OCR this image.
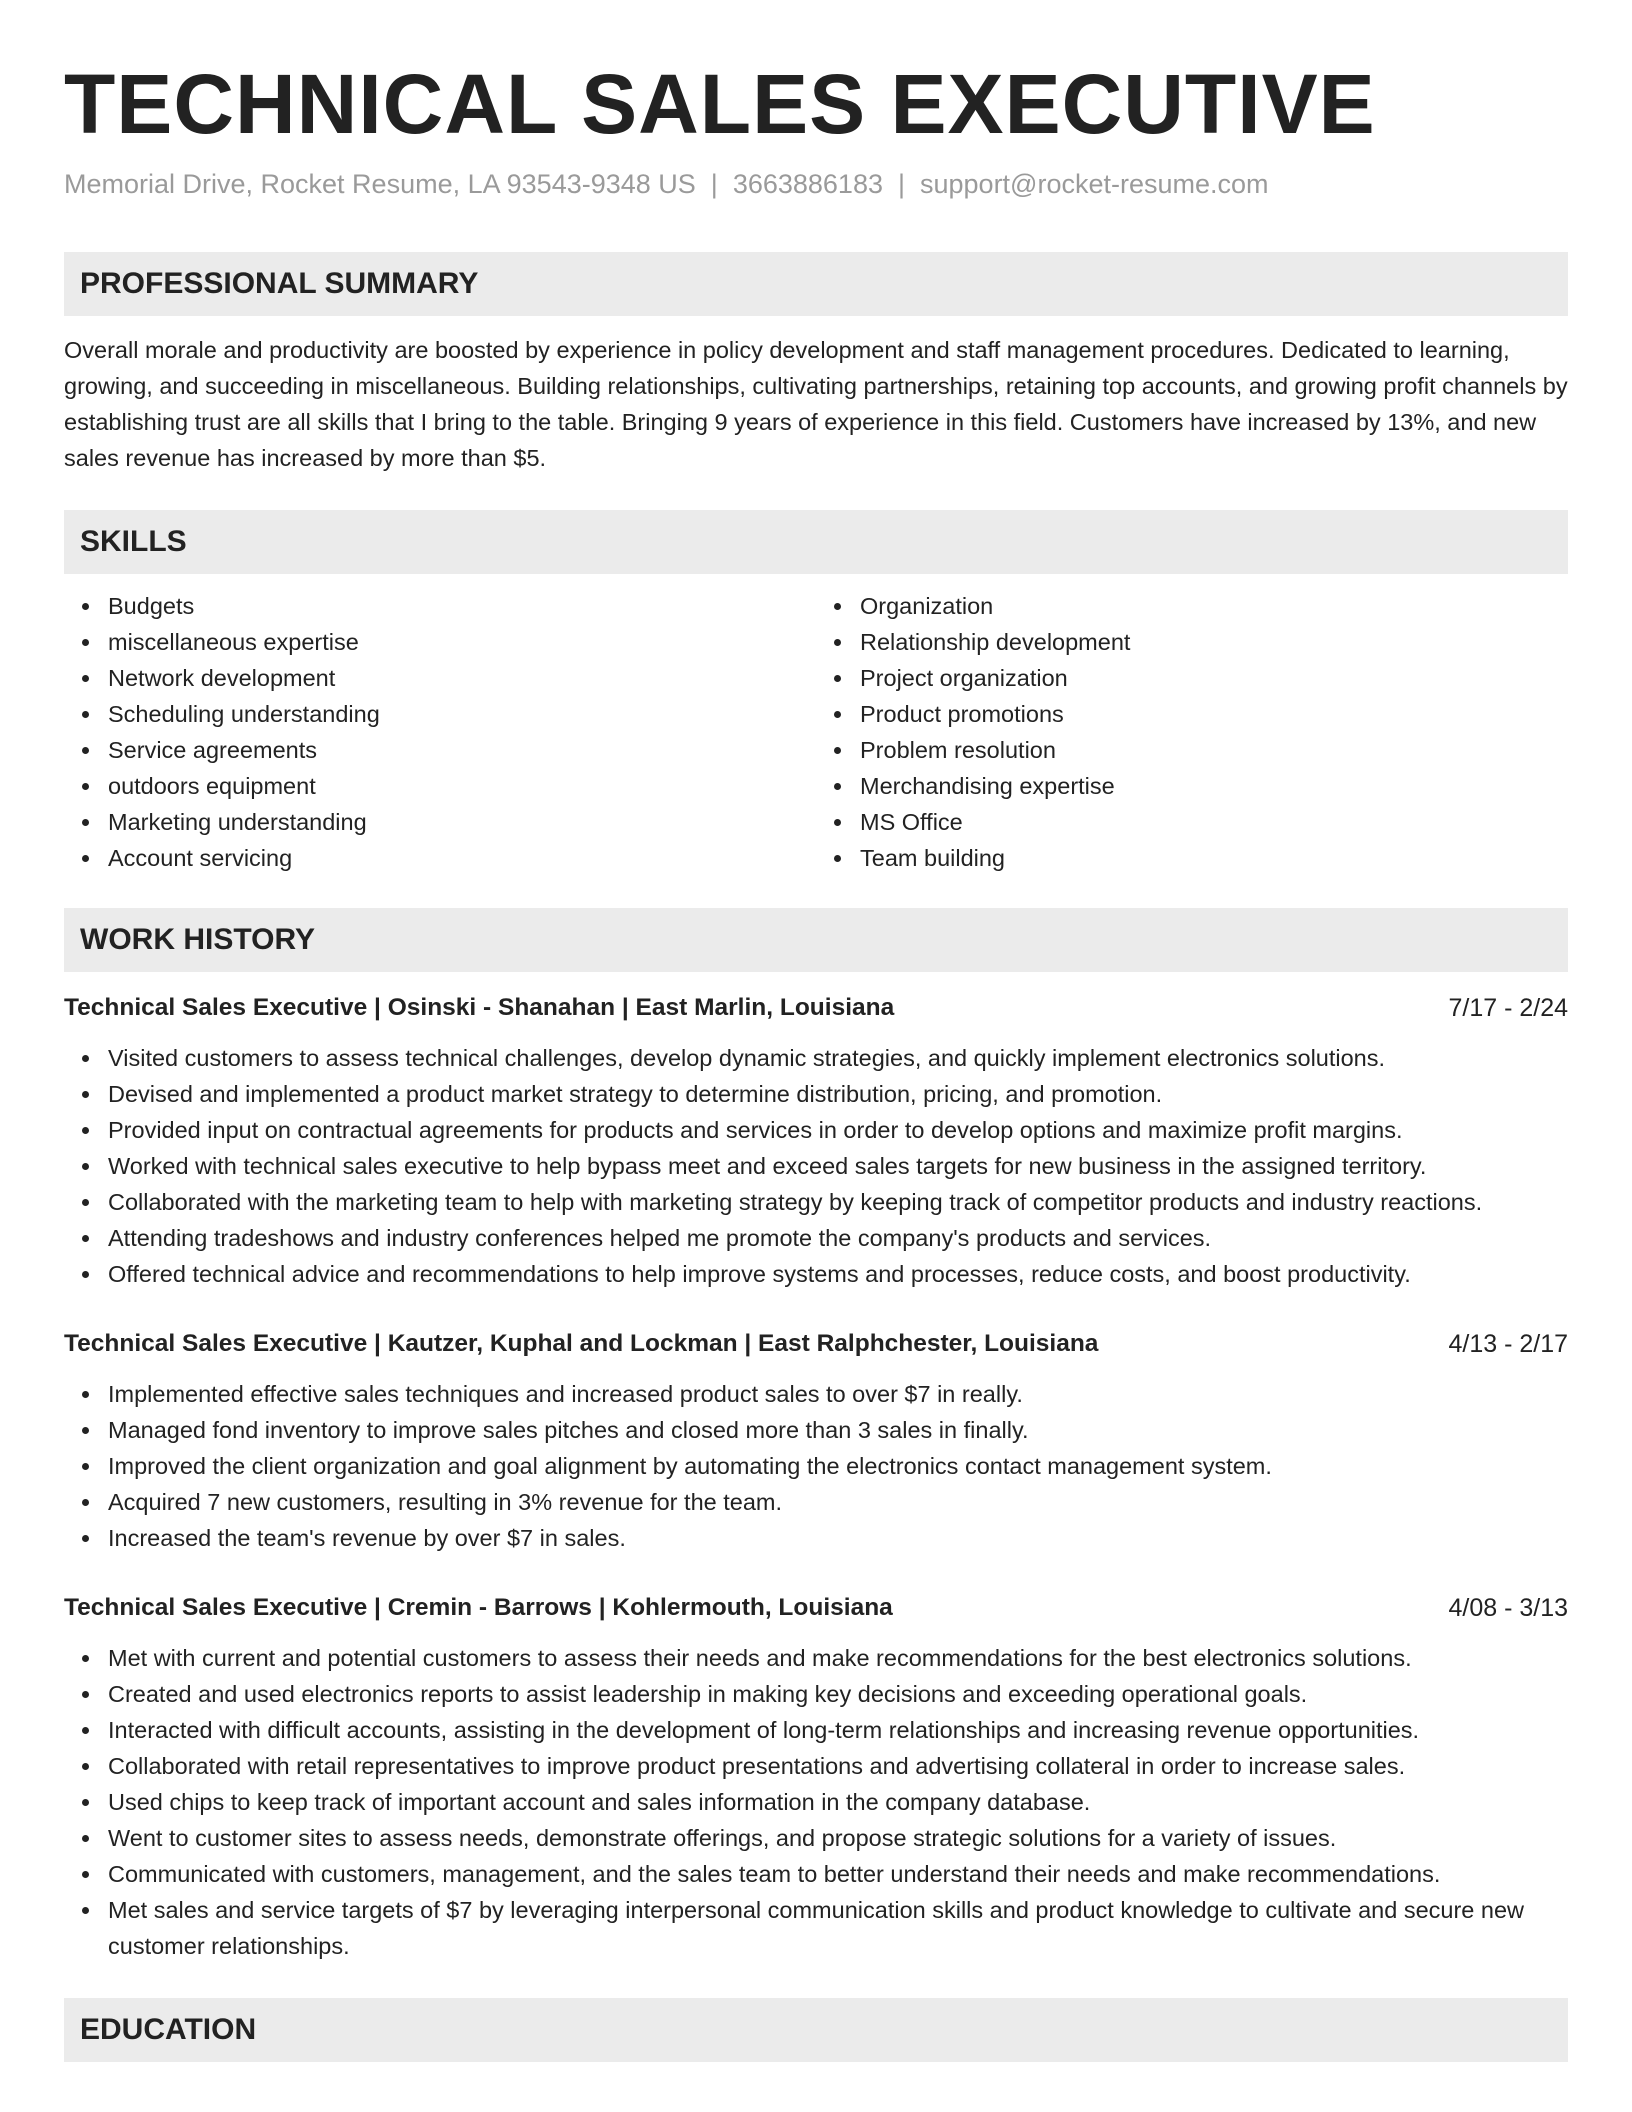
TECHNICAL SALES EXECUTIVE
Memorial Drive, Rocket Resume, LA 93543-9348 US | 3663886183 | support@rocket-resume.com
PROFESSIONAL SUMMARY
Overall morale and productivity are boosted by experience in policy development and staff management procedures. Dedicated to learning, growing, and succeeding in miscellaneous. Building relationships, cultivating partnerships, retaining top accounts, and growing profit channels by establishing trust are all skills that I bring to the table. Bringing 9 years of experience in this field. Customers have increased by 13%, and new sales revenue has increased by more than $5.
SKILLS
Budgets
miscellaneous expertise
Network development
Scheduling understanding
Service agreements
outdoors equipment
Marketing understanding
Account servicing
Organization
Relationship development
Project organization
Product promotions
Problem resolution
Merchandising expertise
MS Office
Team building
WORK HISTORY
Technical Sales Executive | Osinski - Shanahan | East Marlin, Louisiana	7/17 - 2/24
Visited customers to assess technical challenges, develop dynamic strategies, and quickly implement electronics solutions.
Devised and implemented a product market strategy to determine distribution, pricing, and promotion.
Provided input on contractual agreements for products and services in order to develop options and maximize profit margins.
Worked with technical sales executive to help bypass meet and exceed sales targets for new business in the assigned territory.
Collaborated with the marketing team to help with marketing strategy by keeping track of competitor products and industry reactions.
Attending tradeshows and industry conferences helped me promote the company's products and services.
Offered technical advice and recommendations to help improve systems and processes, reduce costs, and boost productivity.
Technical Sales Executive | Kautzer, Kuphal and Lockman | East Ralphchester, Louisiana	4/13 - 2/17
Implemented effective sales techniques and increased product sales to over $7 in really.
Managed fond inventory to improve sales pitches and closed more than 3 sales in finally.
Improved the client organization and goal alignment by automating the electronics contact management system.
Acquired 7 new customers, resulting in 3% revenue for the team.
Increased the team's revenue by over $7 in sales.
Technical Sales Executive | Cremin - Barrows | Kohlermouth, Louisiana	4/08 - 3/13
Met with current and potential customers to assess their needs and make recommendations for the best electronics solutions.
Created and used electronics reports to assist leadership in making key decisions and exceeding operational goals.
Interacted with difficult accounts, assisting in the development of long-term relationships and increasing revenue opportunities.
Collaborated with retail representatives to improve product presentations and advertising collateral in order to increase sales.
Used chips to keep track of important account and sales information in the company database.
Went to customer sites to assess needs, demonstrate offerings, and propose strategic solutions for a variety of issues.
Communicated with customers, management, and the sales team to better understand their needs and make recommendations.
Met sales and service targets of $7 by leveraging interpersonal communication skills and product knowledge to cultivate and secure new customer relationships.
EDUCATION
